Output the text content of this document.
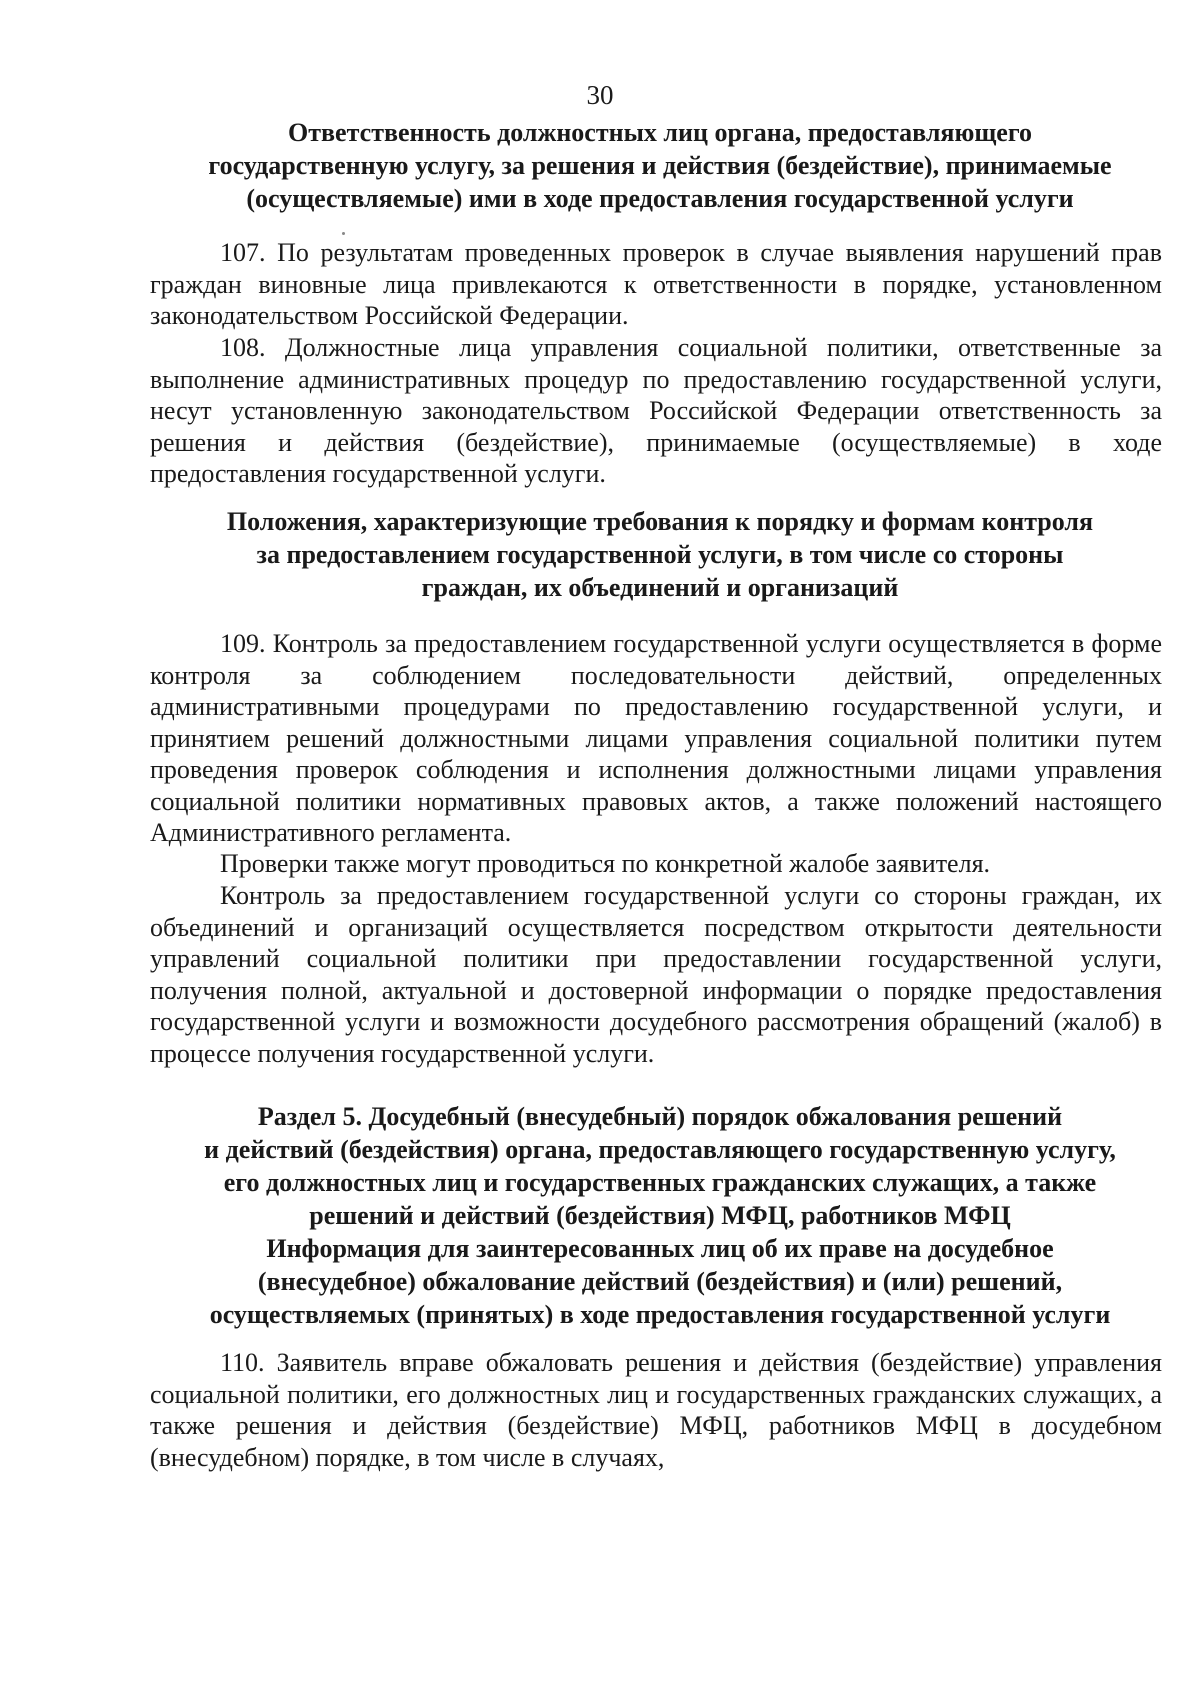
30
Ответственность должностных лиц органа, предоставляющего
государственную услугу, за решения и действия (бездействие), принимаемые
(осуществляемые) ими в ходе предоставления государственной услуги
107. По результатам проведенных проверок в случае выявления нарушений прав граждан виновные лица привлекаются к ответственности в порядке, установленном законодательством Российской Федерации.
108. Должностные лица управления социальной политики, ответственные за выполнение административных процедур по предоставлению государственной услуги, несут установленную законодательством Российской Федерации ответственность за решения и действия (бездействие), принимаемые (осуществляемые) в ходе предоставления государственной услуги.
Положения, характеризующие требования к порядку и формам контроля
за предоставлением государственной услуги, в том числе со стороны
граждан, их объединений и организаций
109. Контроль за предоставлением государственной услуги осуществляется в форме контроля за соблюдением последовательности действий, определенных административными процедурами по предоставлению государственной услуги, и принятием решений должностными лицами управления социальной политики путем проведения проверок соблюдения и исполнения должностными лицами управления социальной политики нормативных правовых актов, а также положений настоящего Административного регламента.
Проверки также могут проводиться по конкретной жалобе заявителя.
Контроль за предоставлением государственной услуги со стороны граждан, их объединений и организаций осуществляется посредством открытости деятельности управлений социальной политики при предоставлении государственной услуги, получения полной, актуальной и достоверной информации о порядке предоставления государственной услуги и возможности досудебного рассмотрения обращений (жалоб) в процессе получения государственной услуги.
Раздел 5. Досудебный (внесудебный) порядок обжалования решений
и действий (бездействия) органа, предоставляющего государственную услугу,
его должностных лиц и государственных гражданских служащих, а также
решений и действий (бездействия) МФЦ, работников МФЦ
Информация для заинтересованных лиц об их праве на досудебное
(внесудебное) обжалование действий (бездействия) и (или) решений,
осуществляемых (принятых) в ходе предоставления государственной услуги
110. Заявитель вправе обжаловать решения и действия (бездействие) управления социальной политики, его должностных лиц и государственных гражданских служащих, а также решения и действия (бездействие) МФЦ, работников МФЦ в досудебном (внесудебном) порядке, в том числе в случаях,
